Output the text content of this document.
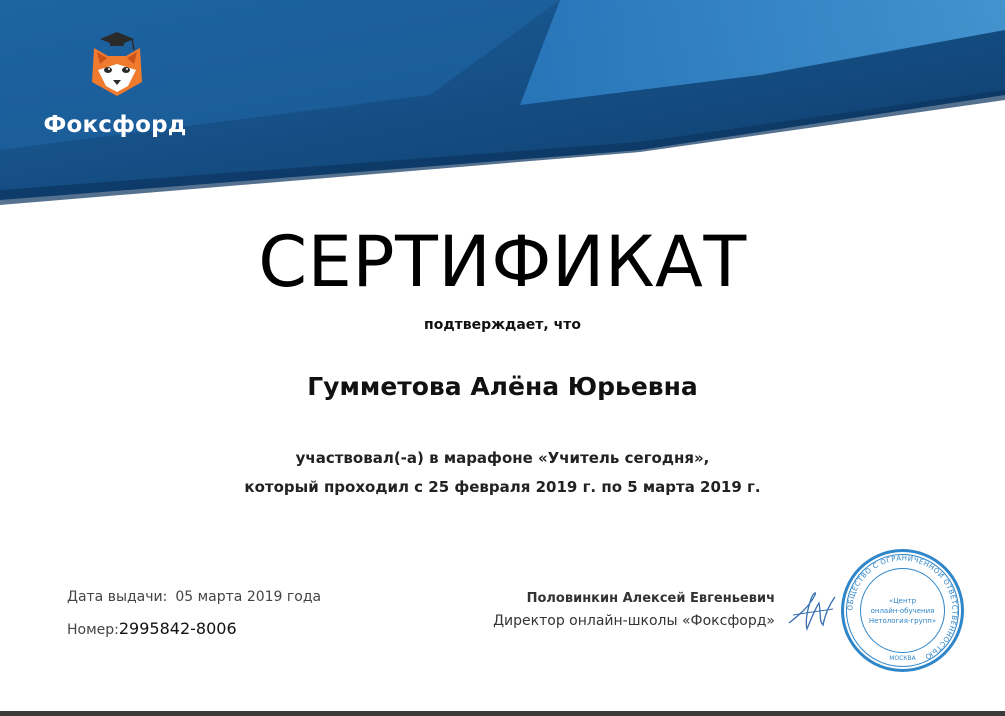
Фоксфорд
СЕРТИФИКАТ
подтверждает, что
Гумметова Алёна Юрьевна
участвовал(-а) в марафоне «Учитель сегодня»,
который проходил с 25 февраля 2019 г. по 5 марта 2019 г.
Дата выдачи: 05 марта 2019 года
Номер:2995842-8006
Половинкин Алексей Евгеньевич
Директор онлайн-школы «Фоксфорд»
ОБЩЕСТВО С ОГРАНИЧЕННОЙ ОТВЕТСТВЕННОСТЬЮ
«Центр
онлайн-обучения
Нетология-групп»
МОСКВА
